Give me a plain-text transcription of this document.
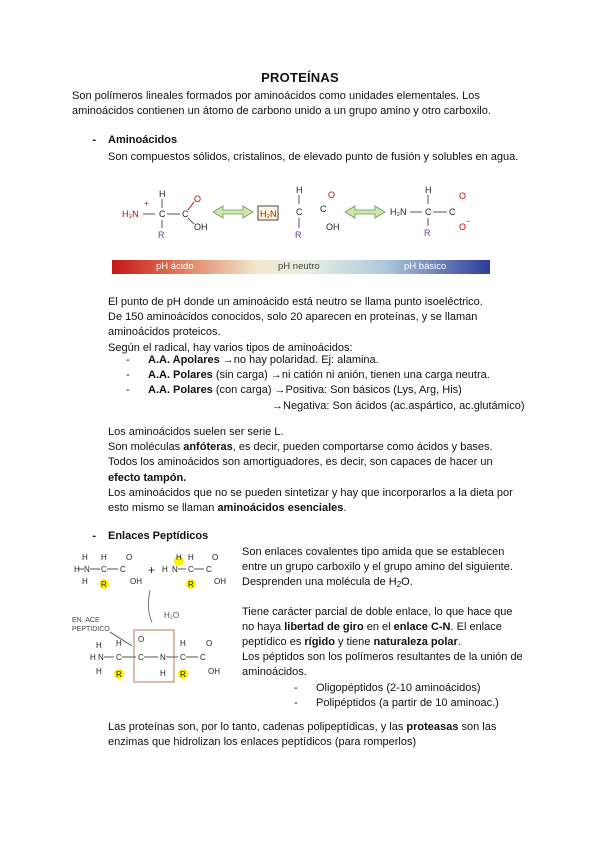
PROTEÍNAS
Son polímeros lineales formados por aminoácidos como unidades elementales. Los
aminoácidos contienen un átomo de carbono unido a un grupo amino y otro carboxilo.
- Aminoácidos
Son compuestos sólidos, cristalinos, de elevado punto de fusión y solubles en agua.
H₃N
+
C
H
R
C
O
OH
H₂N
H
C
R
C
O
OH
H₂N C
H
R
C
O
O
-
pH ácido	pH neutro	pH básico
El punto de pH donde un aminoácido está neutro se llama punto isoeléctrico.
De 150 aminoácidos conocidos, solo 20 aparecen en proteínas, y se llaman
aminoácidos proteicos.
Según el radical, hay varios tipos de aminoácidos:
- A.A. Apolares →no hay polaridad. Ej: alamina.
- A.A. Polares (sin carga) →ni catión ni anión, tienen una carga neutra.
- A.A. Polares (con carga) →Positiva: Son básicos (Lys, Arg, His)
→Negativa: Son ácidos (ac.aspártico, ac.glutámico)
Los aminoácidos suelen ser serie L.
Son moléculas anfóteras, es decir, pueden comportarse como ácidos y bases.
Todos los aminoácidos son amortiguadores, es decir, son capaces de hacer un
efecto tampón.
Los aminoácidos que no se pueden sintetizar y hay que incorporarlos a la dieta por
esto mismo se llaman aminoácidos esenciales.
- Enlaces Peptídicos
H N
H
H
C
H
R
C
O
OH
+ H N
H
C
H
R
C
O
OH
H₂O
EN. ACE
PEPTIDICO
N
H
H
H
C
H
R
C
O
N
H
C
H
R
C
O
OH
Son enlaces covalentes tipo amida que se establecen
entre un grupo carboxilo y el grupo amino del siguiente.
Desprenden una molécula de $H_2O$.
Tiene carácter parcial de doble enlace, lo que hace que
no haya libertad de giro en el enlace C-N. El enlace
peptídico es rígido y tiene naturaleza polar.
Los péptidos son los polímeros resultantes de la unión de
aminoácidos.
- Oligopéptidos (2-10 aminoácidos)
- Polipéptidos (a partir de 10 aminoac.)
Las proteínas son, por lo tanto, cadenas polipeptídicas, y las proteasas son las
enzimas que hidrolizan los enlaces peptídicos (para romperlos)
